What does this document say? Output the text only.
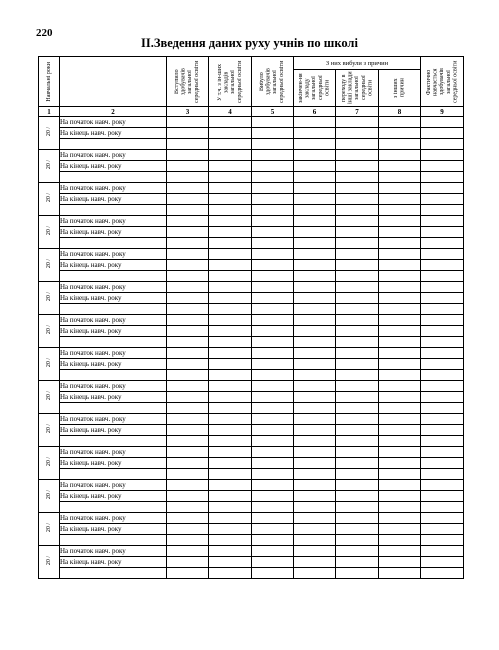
220
ІІ.Зведення даних руху учнів по школі
Навчальні роки		Вступило здобувачів загальної середньої освіти	У т.ч. з ін-ших закладів загальної середньої освіти	Вибуло здобувачів загальної середньої освіти	З них вибули з причин			Фактично навчається здобувачів загальної середньої освіти

					закінчен-ня закладу загальної середньої освіти	переходу в інші заклади загальної середньої освіти	з інших причин	

1	2	3	4	5	6	7	8	9

20 /	На початок навч. року							
	На кінець навч. року							

20 /	На початок навч. року							
	На кінець навч. року							

20 /	На початок навч. року							
	На кінець навч. року							

20 /	На початок навч. року							
	На кінець навч. року							

20 /	На початок навч. року							
	На кінець навч. року							

20 /	На початок навч. року							
	На кінець навч. року							

20 /	На початок навч. року							
	На кінець навч. року							

20 /	На початок навч. року							
	На кінець навч. року							

20 /	На початок навч. року							
	На кінець навч. року							

20 /	На початок навч. року							
	На кінець навч. року							

20 /	На початок навч. року							
	На кінець навч. року							

20 /	На початок навч. року							
	На кінець навч. року							

20 /	На початок навч. року							
	На кінець навч. року							

20 /	На початок навч. року							
	На кінець навч. року							
